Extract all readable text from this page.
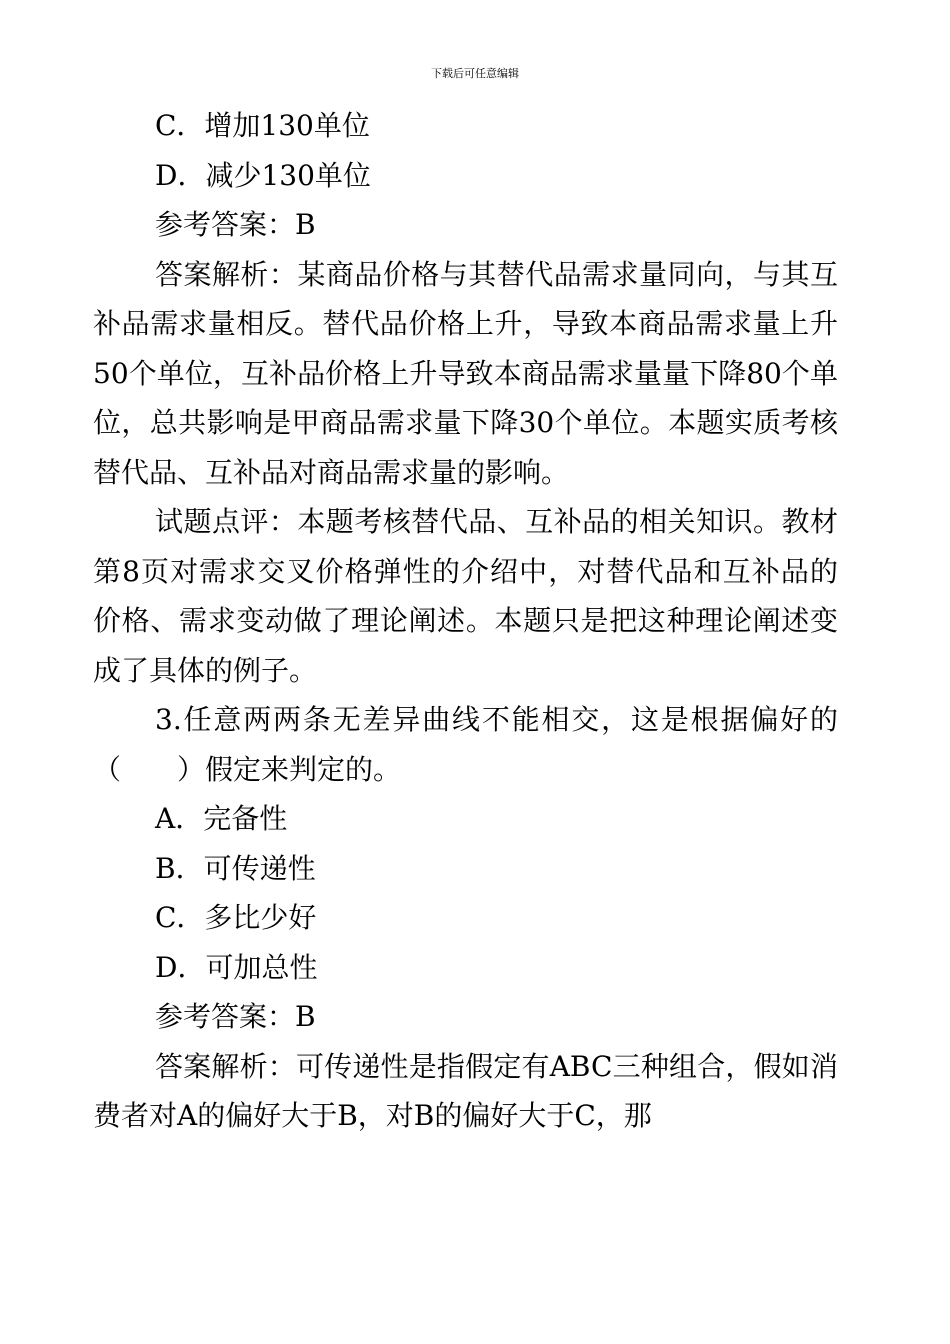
下载后可任意编辑

C．增加130单位

D．减少130单位

参考答案：B

答案解析：某商品价格与其替代品需求量同向，与其互补品需求量相反。替代品价格上升，导致本商品需求量上升50个单位，互补品价格上升导致本商品需求量量下降80个单位，总共影响是甲商品需求量下降30个单位。本题实质考核替代品、互补品对商品需求量的影响。

试题点评：本题考核替代品、互补品的相关知识。教材第8页对需求交叉价格弹性的介绍中，对替代品和互补品的价格、需求变动做了理论阐述。本题只是把这种理论阐述变成了具体的例子。

3.任意两两条无差异曲线不能相交，这是根据偏好的（　　）假定来判定的。

A．完备性

B．可传递性

C．多比少好

D．可加总性

参考答案：B

答案解析：可传递性是指假定有ABC三种组合，假如消费者对A的偏好大于B，对B的偏好大于C，那
